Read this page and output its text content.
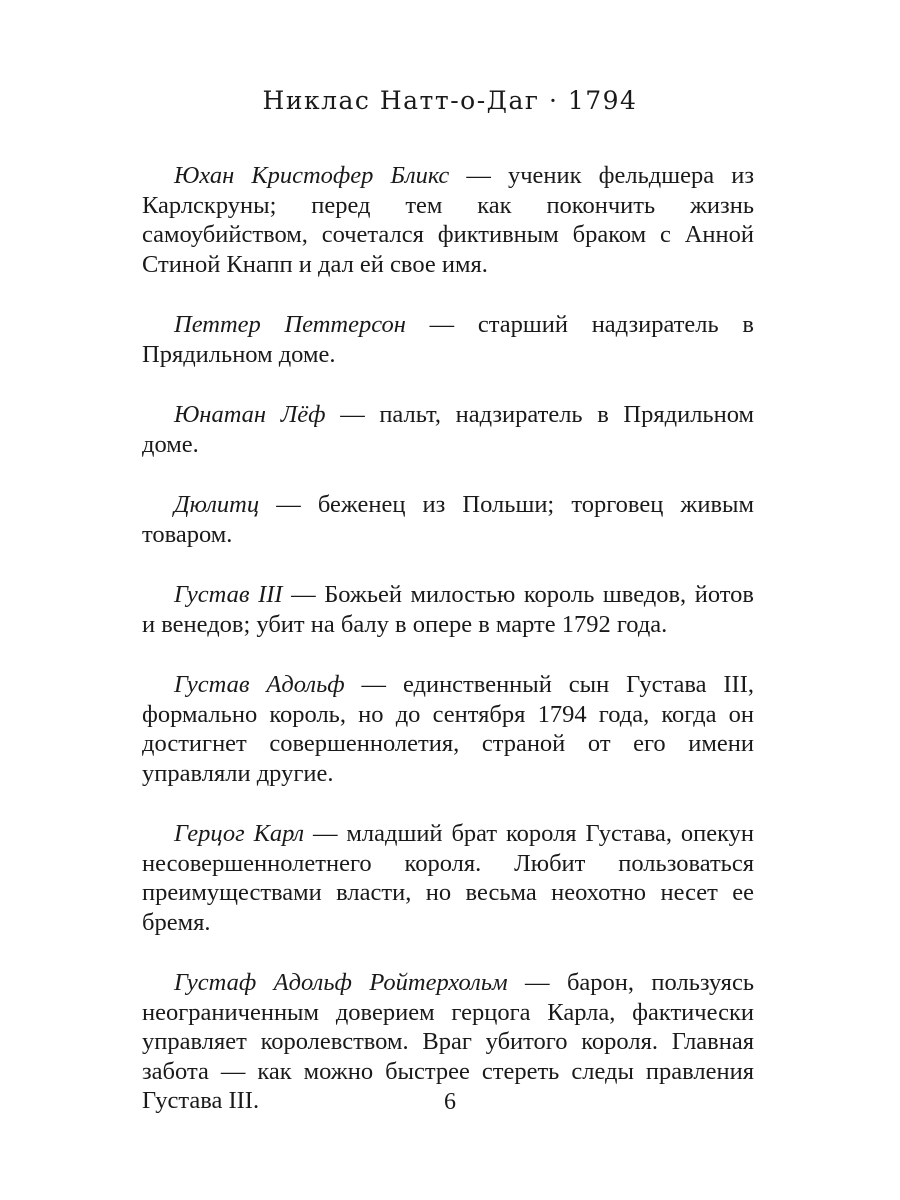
Никлас Натт-о-Даг · 1794

Юхан Кристофер Бликс — ученик фельдшера из Карлскруны; перед тем как покончить жизнь самоубийством, сочетался фиктивным браком с Анной Стиной Кнапп и дал ей свое имя.

Петтер Петтерсон — старший надзиратель в Прядильном доме.

Юнатан Лёф — пальт, надзиратель в Прядильном доме.

Дюлитц — беженец из Польши; торговец живым товаром.

Густав III — Божьей милостью король шведов, йотов и венедов; убит на балу в опере в марте 1792 года.

Густав Адольф — единственный сын Густава III, формально король, но до сентября 1794 года, когда он достигнет совершеннолетия, страной от его имени управляли другие.

Герцог Карл — младший брат короля Густава, опекун несовершеннолетнего короля. Любит пользоваться преимуществами власти, но весьма неохотно несет ее бремя.

Густаф Адольф Ройтерхольм — барон, пользуясь неограниченным доверием герцога Карла, фактически управляет королевством. Враг убитого короля. Главная забота — как можно быстрее стереть следы правления Густава III.	6
